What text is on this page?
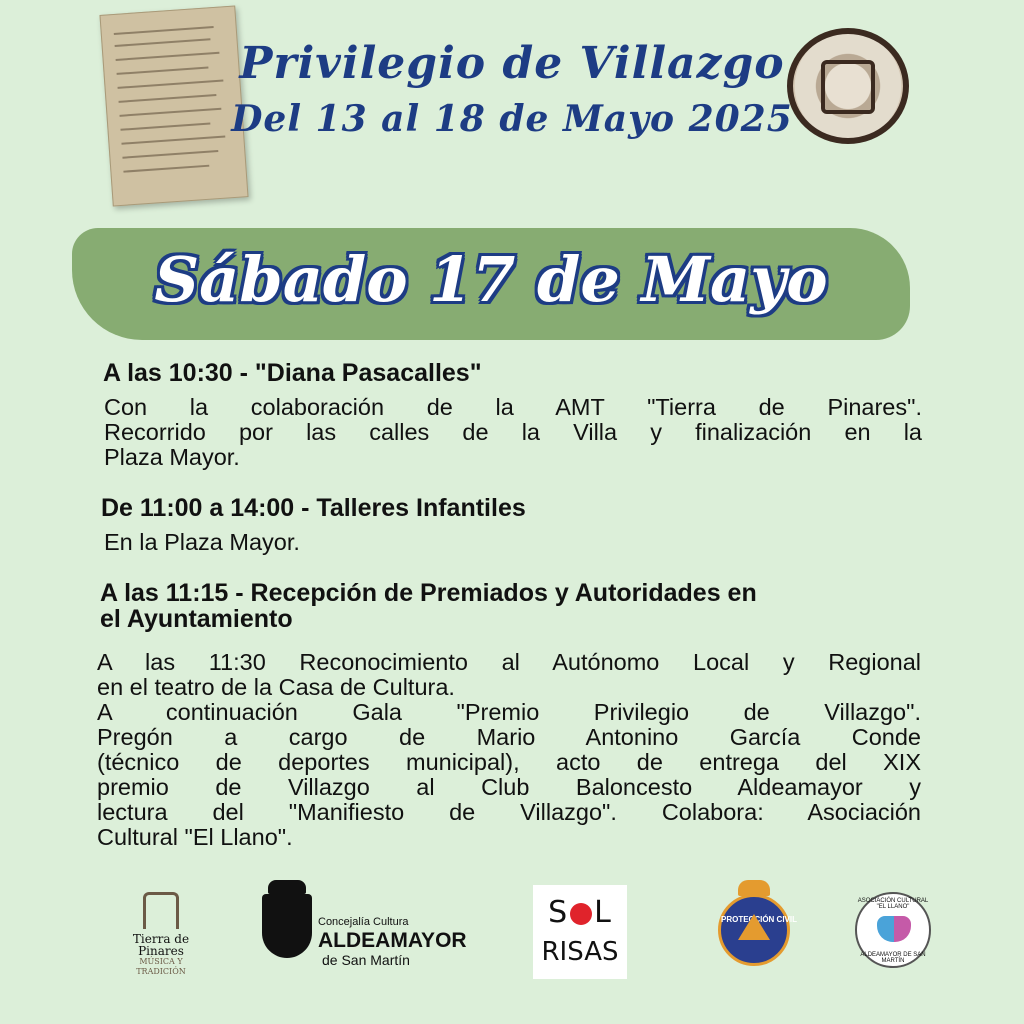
Privilegio de Villazgo
Del 13 al 18 de Mayo 2025
Sábado 17 de Mayo
A las 10:30 - "Diana Pasacalles"
Con la colaboración de la AMT "Tierra de Pinares".
Recorrido por las calles de la Villa y finalización en la
Plaza Mayor.
De 11:00 a 14:00 - Talleres Infantiles
En la Plaza Mayor.
A las 11:15 - Recepción de Premiados y Autoridades en
el Ayuntamiento
A las 11:30 Reconocimiento al Autónomo Local y Regional
en el teatro de la Casa de Cultura.
A continuación Gala "Premio Privilegio de Villazgo".
Pregón a cargo de Mario Antonino García Conde
(técnico de deportes municipal), acto de entrega del XIX
premio de Villazgo al Club Baloncesto Aldeamayor y
lectura del "Manifiesto de Villazgo". Colabora: Asociación
Cultural "El Llano".
Tierra de
Pinares
MÚSICA Y TRADICIÓN
Concejalía Cultura
ALDEAMAYOR
de San Martín
S L
RISAS
PROTECCIÓN CIVIL
ASOCIACIÓN CULTURAL "EL LLANO"
ALDEAMAYOR DE SAN MARTÍN
